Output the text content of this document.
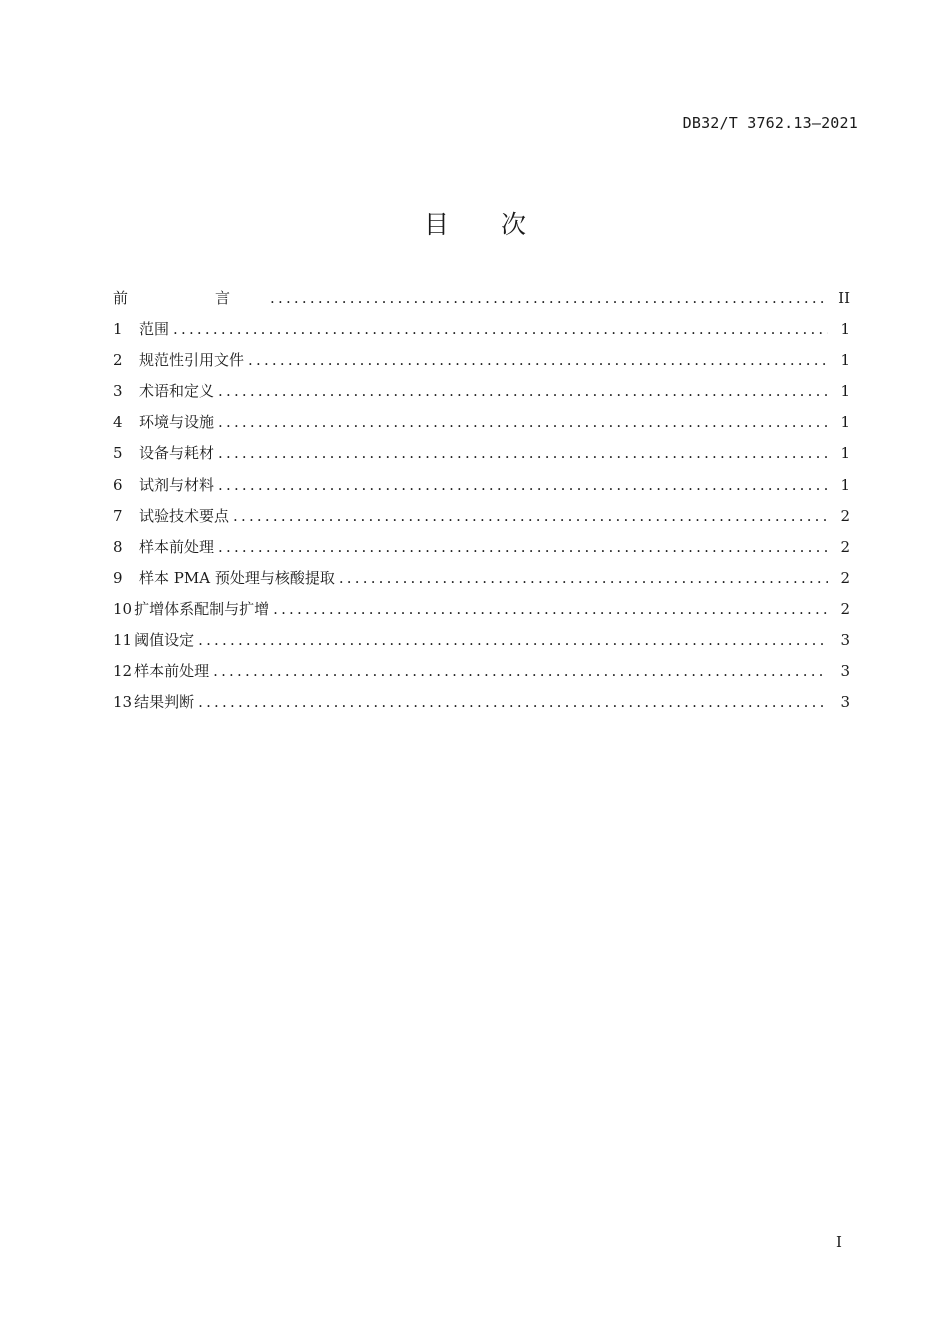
DB32/T 3762.13—2021
目 次
前　言 .....	II
1	范围 .....	1
2	规范性引用文件 .....	1
3	术语和定义 .....	1
4	环境与设施 .....	1
5	设备与耗材 .....	1
6	试剂与材料 .....	1
7	试验技术要点 .....	2
8	样本前处理 .....	2
9	样本 PMA 预处理与核酸提取 .....	2
10 扩增体系配制与扩增 .....	2
11 阈值设定 .....	3
12 样本前处理 .....	3
13 结果判断 .....	3
I
